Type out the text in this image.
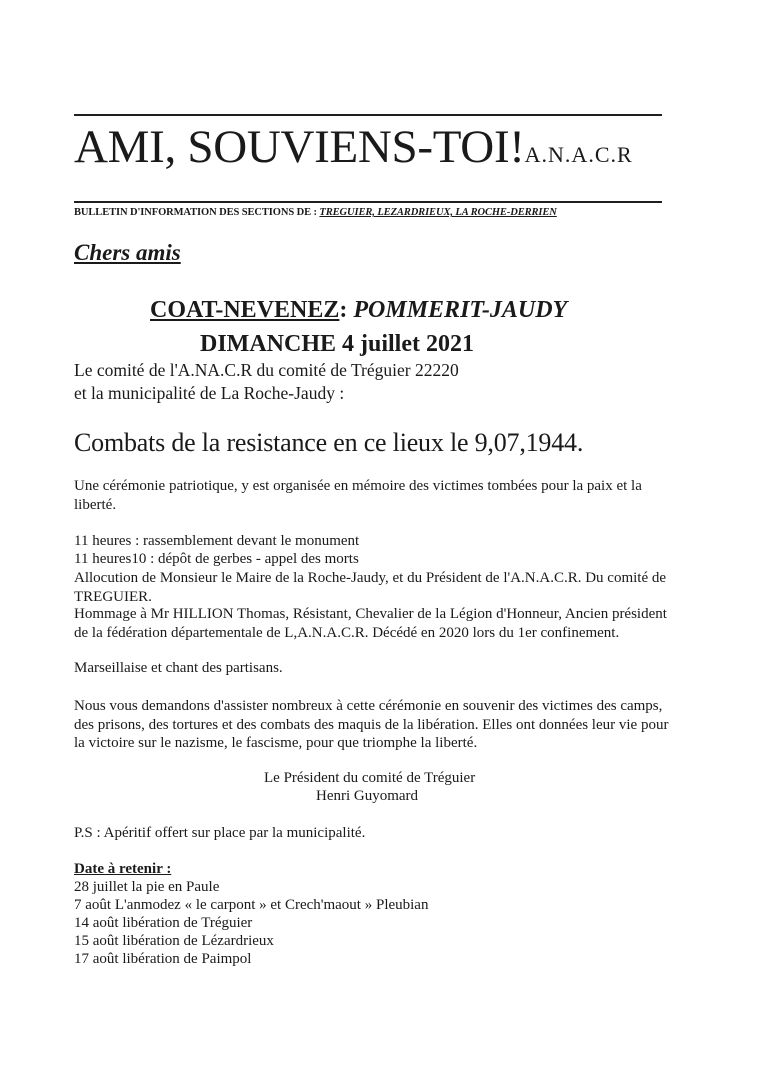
AMI, SOUVIENS-TOI!A.N.A.C.R
BULLETIN D'INFORMATION DES SECTIONS DE : TREGUIER, LEZARDRIEUX, LA ROCHE-DERRIEN
Chers amis
COAT-NEVENEZ: POMMERIT-JAUDY
DIMANCHE 4 juillet 2021
Le comité de l'A.NA.C.R du comité de Tréguier 22220
et la municipalité de La Roche-Jaudy :
Combats de la resistance en ce lieux le 9,07,1944.
Une cérémonie patriotique, y est organisée en mémoire des victimes tombées pour la paix et la liberté.
11 heures : rassemblement devant le monument
11 heures10 : dépôt de gerbes - appel des morts
Allocution de Monsieur le Maire de la Roche-Jaudy, et du Président de l'A.N.A.C.R. Du comité de TREGUIER.
Hommage à Mr HILLION Thomas, Résistant, Chevalier de la Légion d'Honneur, Ancien président de la fédération départementale de L,A.N.A.C.R. Décédé en 2020 lors du 1er confinement.
Marseillaise et chant des partisans.
Nous vous demandons d'assister nombreux à cette cérémonie en souvenir des victimes des camps, des prisons, des tortures et des combats des maquis de la libération. Elles ont données leur vie pour la victoire sur le nazisme, le fascisme, pour que triomphe la liberté.
Le Président du comité de Tréguier
Henri Guyomard
P.S : Apéritif offert sur place par la municipalité.
Date à retenir :
28 juillet la pie en Paule
7 août L'anmodez « le carpont » et Crech'maout » Pleubian
14 août libération de Tréguier
15 août libération de Lézardrieux
17 août libération de Paimpol
